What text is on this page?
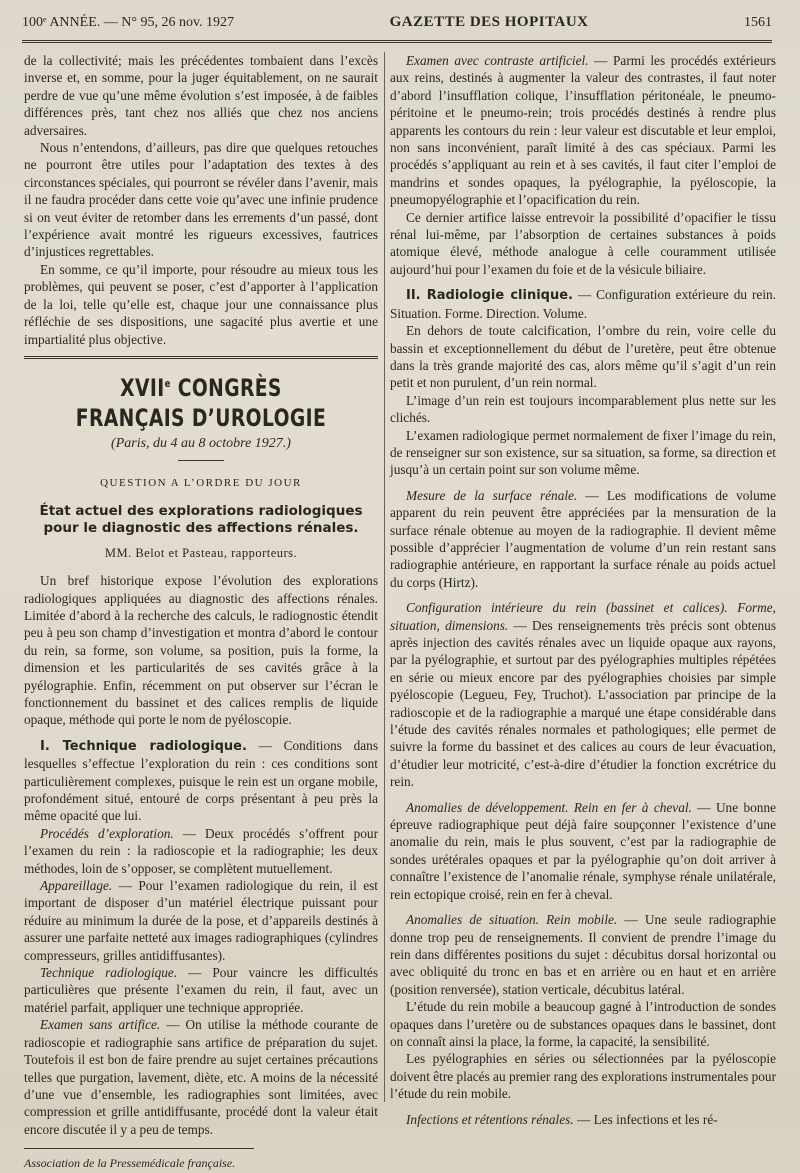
100ᵉ ANNÉE. — N° 95, 26 nov. 1927	GAZETTE DES HOPITAUX	1561

de la collectivité; mais les précédentes tombaient dans l’excès inverse et, en somme, pour la juger équitablement, on ne saurait perdre de vue qu’une même évolution s’est imposée, à de faibles différences près, tant chez nos alliés que chez nos anciens adversaires.

Nous n’entendons, d’ailleurs, pas dire que quelques retouches ne pourront être utiles pour l’adaptation des textes à des circonstances spéciales, qui pourront se révéler dans l’avenir, mais il ne faudra procéder dans cette voie qu’avec une infinie prudence si on veut éviter de retomber dans les errements d’un passé, dont l’expérience avait montré les rigueurs excessives, fautrices d’injustices regrettables.

En somme, ce qu’il importe, pour résoudre au mieux tous les problèmes, qui peuvent se poser, c’est d’apporter à l’application de la loi, telle qu’elle est, chaque jour une connaissance plus réfléchie de ses dispositions, une sagacité plus avertie et une impartialité plus objective.

XVIIe CONGRÈS FRANÇAIS D’UROLOGIE
(Paris, du 4 au 8 octobre 1927.)
QUESTION A L’ORDRE DU JOUR
État actuel des explorations radiologiques
pour le diagnostic des affections rénales.
MM. Belot et Pasteau, rapporteurs.

Un bref historique expose l’évolution des explorations radiologiques appliquées au diagnostic des affections rénales. Limitée d’abord à la recherche des calculs, le radiognostic étendit peu à peu son champ d’investigation et montra d’abord le contour du rein, sa forme, son volume, sa position, puis la forme, la dimension et les particularités de ses cavités grâce à la pyélographie. Enfin, récemment on put observer sur l’écran le fonctionnement du bassinet et des calices remplis de liquide opaque, méthode qui porte le nom de pyéloscopie.

I. Technique radiologique. — Conditions dans lesquelles s’effectue l’exploration du rein : ces conditions sont particulièrement complexes, puisque le rein est un organe mobile, profondément situé, entouré de corps présentant à peu près la même opacité que lui.

Procédés d’exploration. — Deux procédés s’offrent pour l’examen du rein : la radioscopie et la radiographie; les deux méthodes, loin de s’opposer, se complètent mutuellement.

Appareillage. — Pour l’examen radiologique du rein, il est important de disposer d’un matériel électrique puissant pour réduire au minimum la durée de la pose, et d’appareils destinés à assurer une parfaite netteté aux images radiographiques (cylindres compresseurs, grilles antidiffusantes).

Technique radiologique. — Pour vaincre les difficultés particulières que présente l’examen du rein, il faut, avec un matériel parfait, appliquer une technique appropriée.

Examen sans artifice. — On utilise la méthode courante de radioscopie et radiographie sans artifice de préparation du sujet. Toutefois il est bon de faire prendre au sujet certaines précautions telles que purgation, lavement, diète, etc. A moins de la nécessité d’une vue d’ensemble, les radiographies sont limitées, avec compression et grille antidiffusante, procédé dont la valeur était encore discutée il y a peu de temps.

Association de la Pressemédicale française.

Examen avec contraste artificiel. — Parmi les procédés extérieurs aux reins, destinés à augmenter la valeur des contrastes, il faut noter d’abord l’insufflation colique, l’insufflation péritonéale, le pneumo-péritoine et le pneumo-rein; trois procédés destinés à rendre plus apparents les contours du rein : leur valeur est discutable et leur emploi, non sans inconvénient, paraît limité à des cas spéciaux. Parmi les procédés s’appliquant au rein et à ses cavités, il faut citer l’emploi de mandrins et sondes opaques, la pyélographie, la pyéloscopie, la pneumopyélographie et l’opacification du rein.

Ce dernier artifice laisse entrevoir la possibilité d’opacifier le tissu rénal lui-même, par l’absorption de certaines substances à poids atomique élevé, méthode analogue à celle couramment utilisée aujourd’hui pour l’examen du foie et de la vésicule biliaire.

II. Radiologie clinique. — Configuration extérieure du rein. Situation. Forme. Direction. Volume.

En dehors de toute calcification, l’ombre du rein, voire celle du bassin et exceptionnellement du début de l’uretère, peut être obtenue dans la très grande majorité des cas, alors même qu’il s’agit d’un rein petit et non purulent, d’un rein normal.

L’image d’un rein est toujours incomparablement plus nette sur les clichés.

L’examen radiologique permet normalement de fixer l’image du rein, de renseigner sur son existence, sur sa situation, sa forme, sa direction et jusqu’à un certain point sur son volume même.

Mesure de la surface rénale. — Les modifications de volume apparent du rein peuvent être appréciées par la mensuration de la surface rénale obtenue au moyen de la radiographie. Il devient même possible d’apprécier l’augmentation de volume d’un rein restant sans radiographie antérieure, en rapportant la surface rénale au poids actuel du corps (Hirtz).

Configuration intérieure du rein (bassinet et calices). Forme, situation, dimensions. — Des renseignements très précis sont obtenus après injection des cavités rénales avec un liquide opaque aux rayons, par la pyélographie, et surtout par des pyélographies multiples répétées en série ou mieux encore par des pyélographies choisies par simple pyéloscopie (Legueu, Fey, Truchot). L’association par principe de la radioscopie et de la radiographie a marqué une étape considérable dans l’étude des cavités rénales normales et pathologiques; elle permet de suivre la forme du bassinet et des calices au cours de leur évacuation, d’étudier leur motricité, c’est-à-dire d’étudier la fonction excrétrice du rein.

Anomalies de développement. Rein en fer à cheval. — Une bonne épreuve radiographique peut déjà faire soupçonner l’existence d’une anomalie du rein, mais le plus souvent, c’est par la radiographie de sondes urétérales opaques et par la pyélographie qu’on doit arriver à connaître l’existence de l’anomalie rénale, symphyse rénale unilatérale, rein ectopique croisé, rein en fer à cheval.

Anomalies de situation. Rein mobile. — Une seule radiographie donne trop peu de renseignements. Il convient de prendre l’image du rein dans différentes positions du sujet : décubitus dorsal horizontal ou avec obliquité du tronc en bas et en arrière ou en haut et en arrière (position renversée), station verticale, décubitus latéral.

L’étude du rein mobile a beaucoup gagné à l’introduction de sondes opaques dans l’uretère ou de substances opaques dans le bassinet, dont on connaît ainsi la place, la forme, la capacité, la sensibilité.

Les pyélographies en séries ou sélectionnées par la pyéloscopie doivent être placés au premier rang des explorations instrumentales pour l’étude du rein mobile.

Infections et rétentions rénales. — Les infections et les ré-
